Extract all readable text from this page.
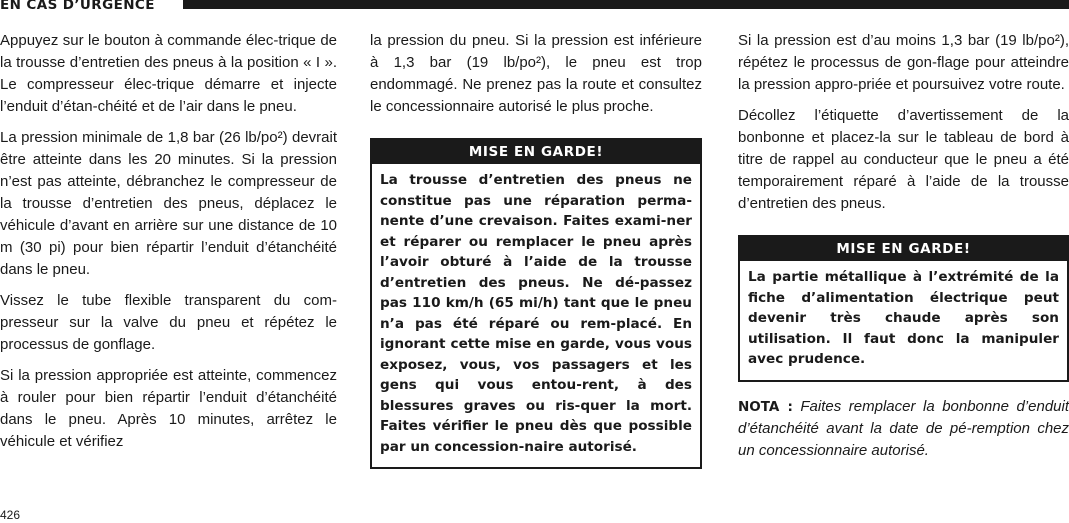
EN CAS D’URGENCE

Appuyez sur le bouton à commande élec-trique de la trousse d’entretien des pneus à la position « I ». Le compresseur élec-trique démarre et injecte l’enduit d’étan-chéité et de l’air dans le pneu.

La pression minimale de 1,8 bar (26 lb/po²) devrait être atteinte dans les 20 minutes. Si la pression n’est pas atteinte, débranchez le compresseur de la trousse d’entretien des pneus, déplacez le véhicule d’avant en arrière sur une distance de 10 m (30 pi) pour bien répartir l’enduit d’étanchéité dans le pneu.

Vissez le tube flexible transparent du com-presseur sur la valve du pneu et répétez le processus de gonflage.

Si la pression appropriée est atteinte, commencez à rouler pour bien répartir l’enduit d’étanchéité dans le pneu. Après 10 minutes, arrêtez le véhicule et vérifiez

la pression du pneu. Si la pression est inférieure à 1,3 bar (19 lb/po²), le pneu est trop endommagé. Ne prenez pas la route et consultez le concessionnaire autorisé le plus proche.

MISE EN GARDE!
La trousse d’entretien des pneus ne constitue pas une réparation perma-nente d’une crevaison. Faites exami-ner et réparer ou remplacer le pneu après l’avoir obturé à l’aide de la trousse d’entretien des pneus. Ne dé-passez pas 110 km/h (65 mi/h) tant que le pneu n’a pas été réparé ou rem-placé. En ignorant cette mise en garde, vous vous exposez, vous, vos passagers et les gens qui vous entou-rent, à des blessures graves ou ris-quer la mort. Faites vérifier le pneu dès que possible par un concession-naire autorisé.

Si la pression est d’au moins 1,3 bar (19 lb/po²), répétez le processus de gon-flage pour atteindre la pression appro-priée et poursuivez votre route.

Décollez l’étiquette d’avertissement de la bonbonne et placez-la sur le tableau de bord à titre de rappel au conducteur que le pneu a été temporairement réparé à l’aide de la trousse d’entretien des pneus.

MISE EN GARDE!
La partie métallique à l’extrémité de la fiche d’alimentation électrique peut devenir très chaude après son utilisation. Il faut donc la manipuler avec prudence.
NOTA : Faites remplacer la bonbonne d’enduit d’étanchéité avant la date de pé-remption chez un concessionnaire autorisé.
426
